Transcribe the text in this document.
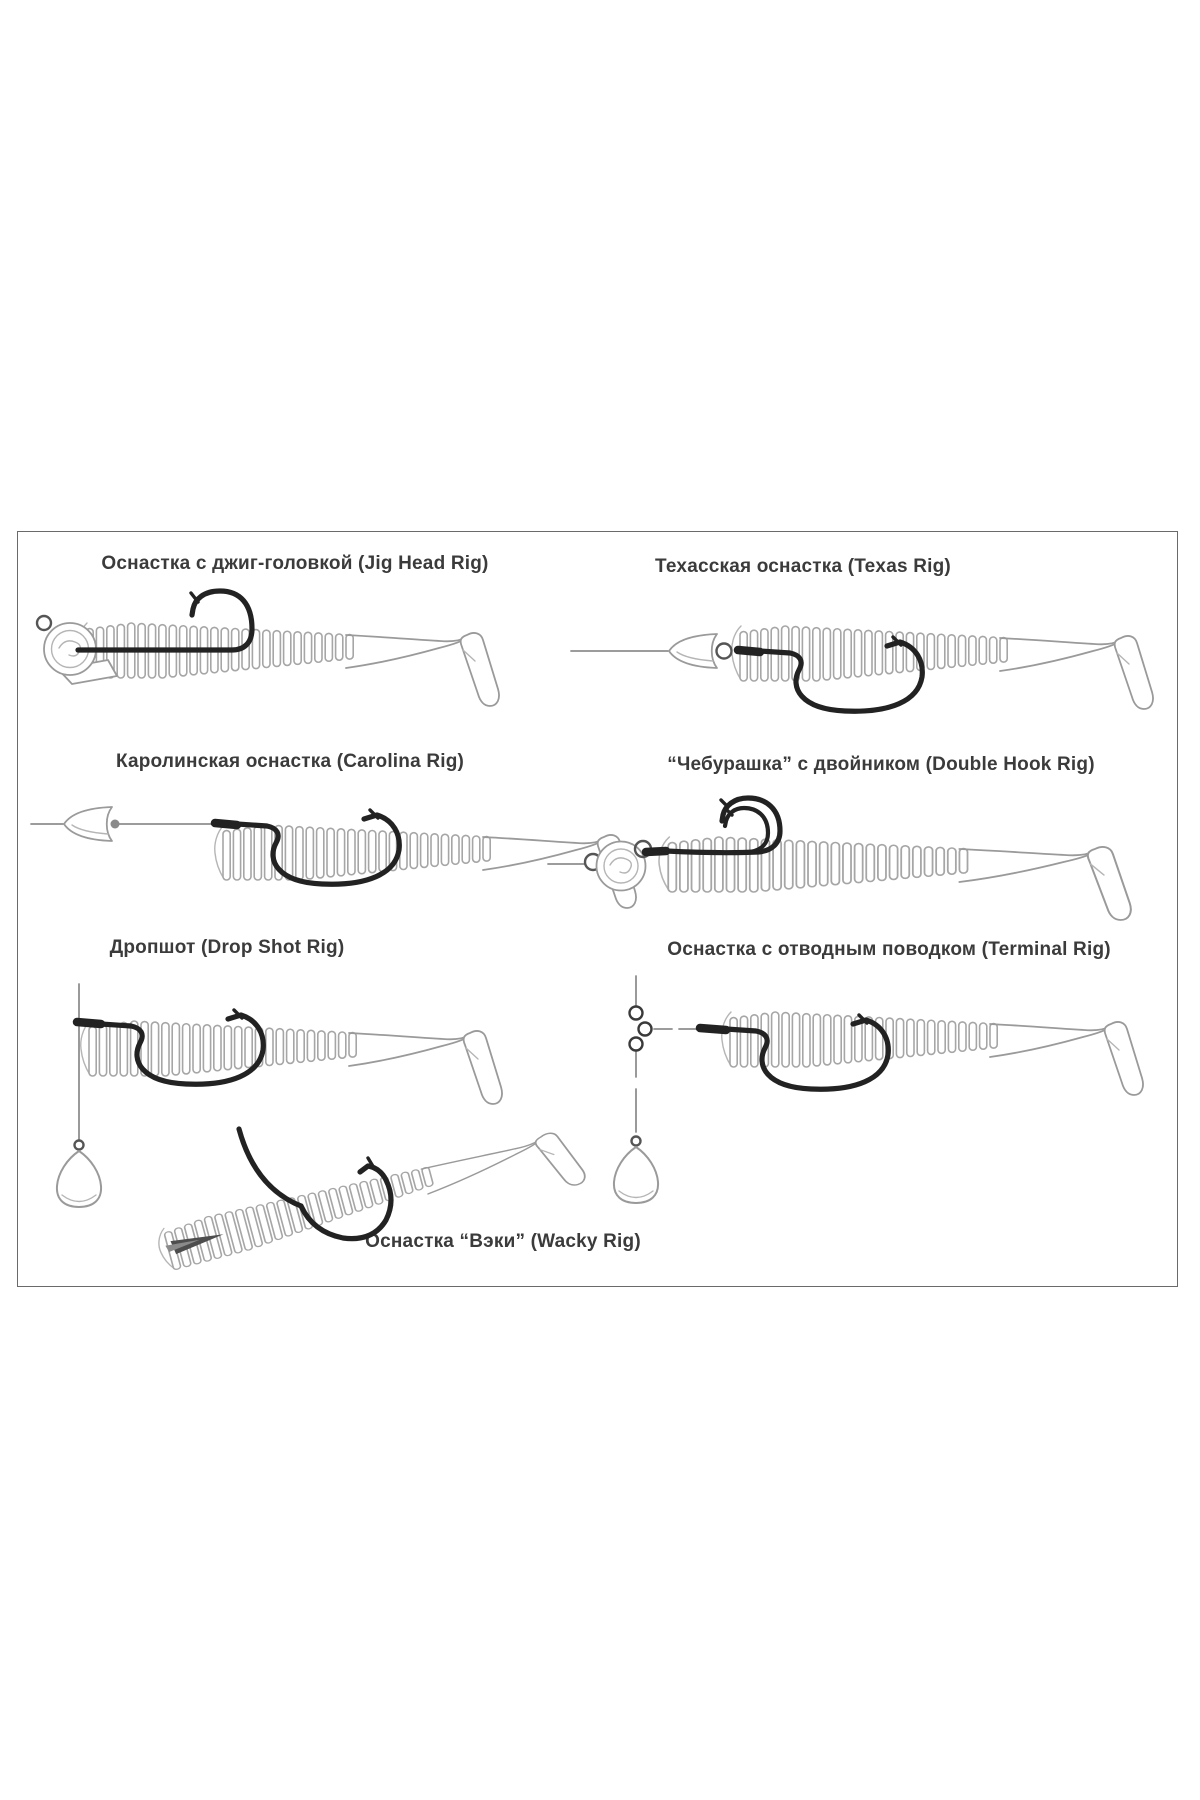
Оснастка с джиг-головкой (Jig Head Rig)	Техасская оснастка (Texas Rig)
Каролинская оснастка (Carolina Rig)	“Чебурашка” с двойником (Double Hook Rig)
Дропшот (Drop Shot Rig)	Оснастка с отводным поводком (Terminal Rig)
Оснастка “Вэки” (Wacky Rig)
